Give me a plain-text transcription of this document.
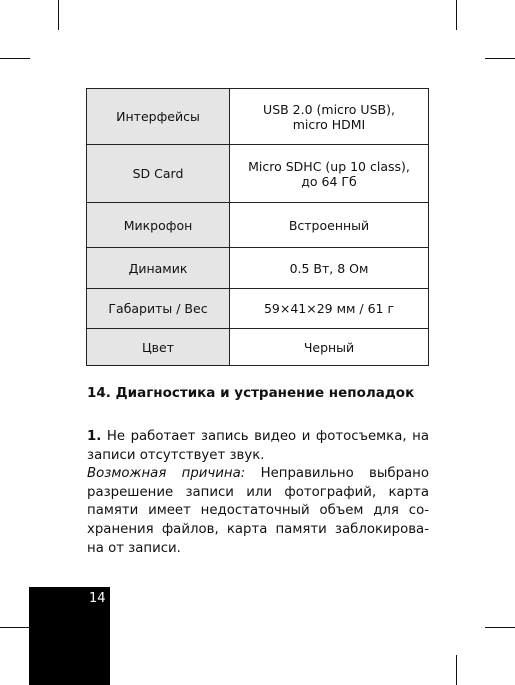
Интерфейсы	USB 2.0 (micro USB),
micro HDMI
SD Card	Micro SDHC (up 10 class),
до 64 Гб
Микрофон	Встроенный
Динамик	0.5 Вт, 8 Ом
Габариты / Вес	59×41×29 мм / 61 г
Цвет	Черный
14. Диагностика и устранение неполадок

1. Не работает запись видео и фотосъемка, на записи отсутствует звук.

Возможная причина: Неправильно выбрано разрешение записи или фотографий, карта памяти имеет недостаточный объем для со-хранения файлов, карта памяти заблокирова-на от записи.

14
